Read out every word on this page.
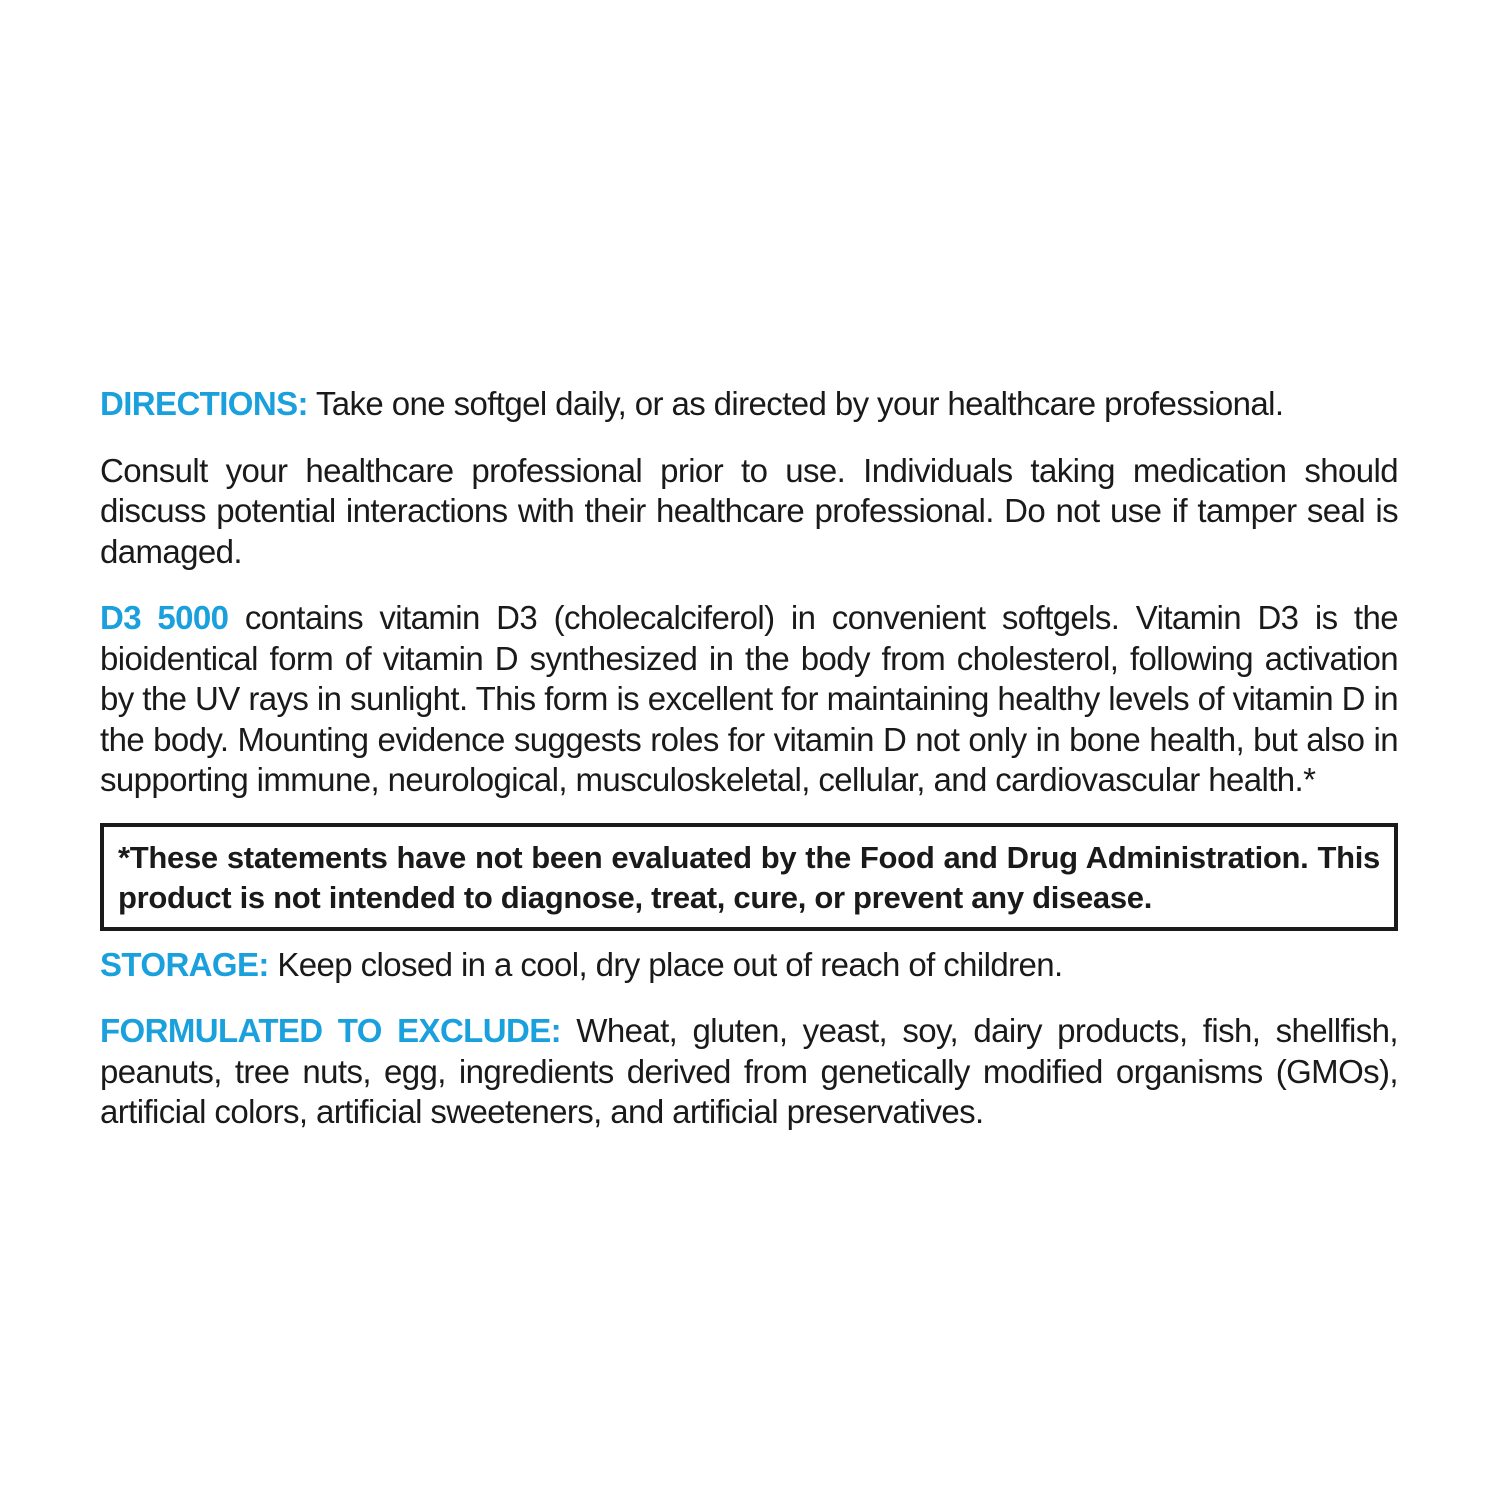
DIRECTIONS: Take one softgel daily, or as directed by your healthcare professional.

Consult your healthcare professional prior to use. Individuals taking medication should discuss potential interactions with their healthcare professional. Do not use if tamper seal is damaged.

D3 5000 contains vitamin D3 (cholecalciferol) in convenient softgels. Vitamin D3 is the bioidentical form of vitamin D synthesized in the body from cholesterol, following activation by the UV rays in sunlight. This form is excellent for maintaining healthy levels of vitamin D in the body. Mounting evidence suggests roles for vitamin D not only in bone health, but also in supporting immune, neurological, musculoskeletal, cellular, and cardiovascular health.*

*These statements have not been evaluated by the Food and Drug Administration. This product is not intended to diagnose, treat, cure, or prevent any disease.

STORAGE: Keep closed in a cool, dry place out of reach of children.

FORMULATED TO EXCLUDE: Wheat, gluten, yeast, soy, dairy products, fish, shellfish, peanuts, tree nuts, egg, ingredients derived from genetically modified organisms (GMOs), artificial colors, artificial sweeteners, and artificial preservatives.
